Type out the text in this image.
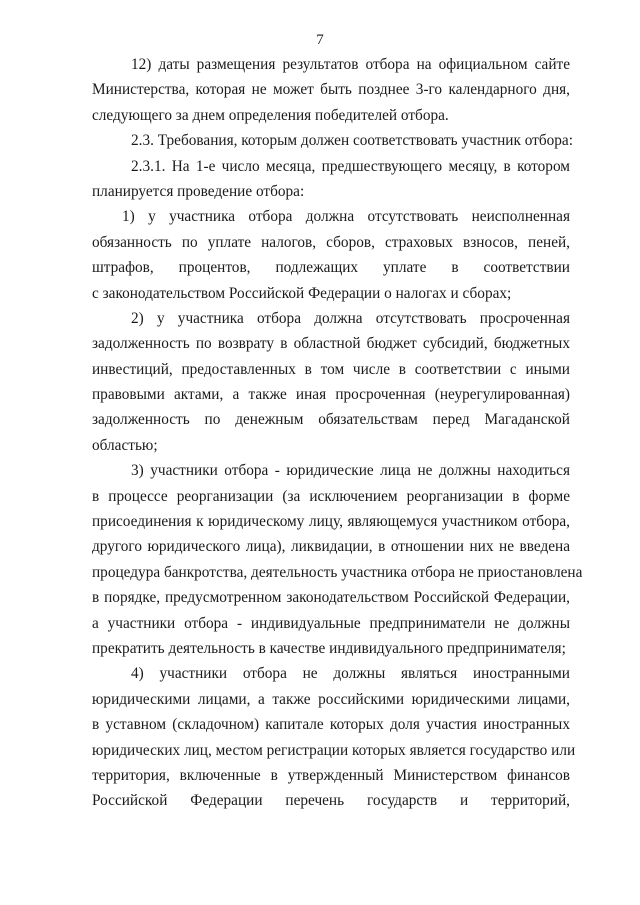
7
12) даты размещения результатов отбора на официальном сайте
Министерства, которая не может быть позднее 3-го календарного дня,
следующего за днем определения победителей отбора.
2.3. Требования, которым должен соответствовать участник отбора:
2.3.1. На 1-е число месяца, предшествующего месяцу, в котором
планируется проведение отбора:
1) у участника отбора должна отсутствовать неисполненная
обязанность по уплате налогов, сборов, страховых взносов, пеней,
штрафов, процентов, подлежащих уплате в соответствии
с законодательством Российской Федерации о налогах и сборах;
2) у участника отбора должна отсутствовать просроченная
задолженность по возврату в областной бюджет субсидий, бюджетных
инвестиций, предоставленных в том числе в соответствии с иными
правовыми актами, а также иная просроченная (неурегулированная)
задолженность по денежным обязательствам перед Магаданской
областью;
3) участники отбора - юридические лица не должны находиться
в процессе реорганизации (за исключением реорганизации в форме
присоединения к юридическому лицу, являющемуся участником отбора,
другого юридического лица), ликвидации, в отношении них не введена
процедура банкротства, деятельность участника отбора не приостановлена
в порядке, предусмотренном законодательством Российской Федерации,
а участники отбора - индивидуальные предприниматели не должны
прекратить деятельность в качестве индивидуального предпринимателя;
4) участники отбора не должны являться иностранными
юридическими лицами, а также российскими юридическими лицами,
в уставном (складочном) капитале которых доля участия иностранных
юридических лиц, местом регистрации которых является государство или
территория, включенные в утвержденный Министерством финансов
Российской Федерации перечень государств и территорий,
